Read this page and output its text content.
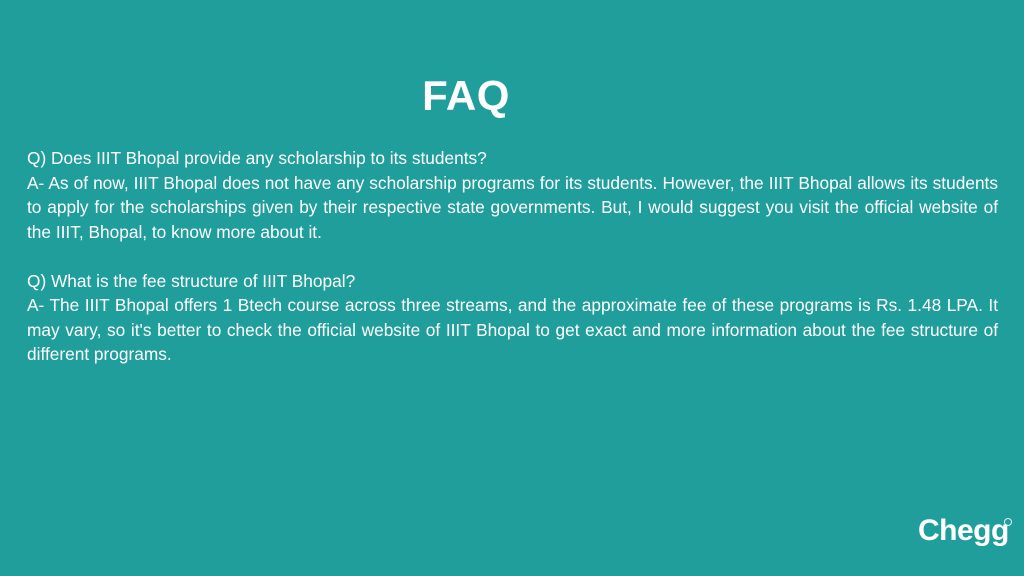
FAQ
Q) Does IIIT Bhopal provide any scholarship to its students?
A- As of now, IIIT Bhopal does not have any scholarship programs for its students. However, the IIIT Bhopal allows its students to apply for the scholarships given by their respective state governments. But, I would suggest you visit the official website of the IIIT, Bhopal, to know more about it.
Q) What is the fee structure of IIIT Bhopal?
A- The IIIT Bhopal offers 1 Btech course across three streams, and the approximate fee of these programs is Rs. 1.48 LPA. It may vary, so it's better to check the official website of IIIT Bhopal to get exact and more information about the fee structure of different programs.
Chegg
